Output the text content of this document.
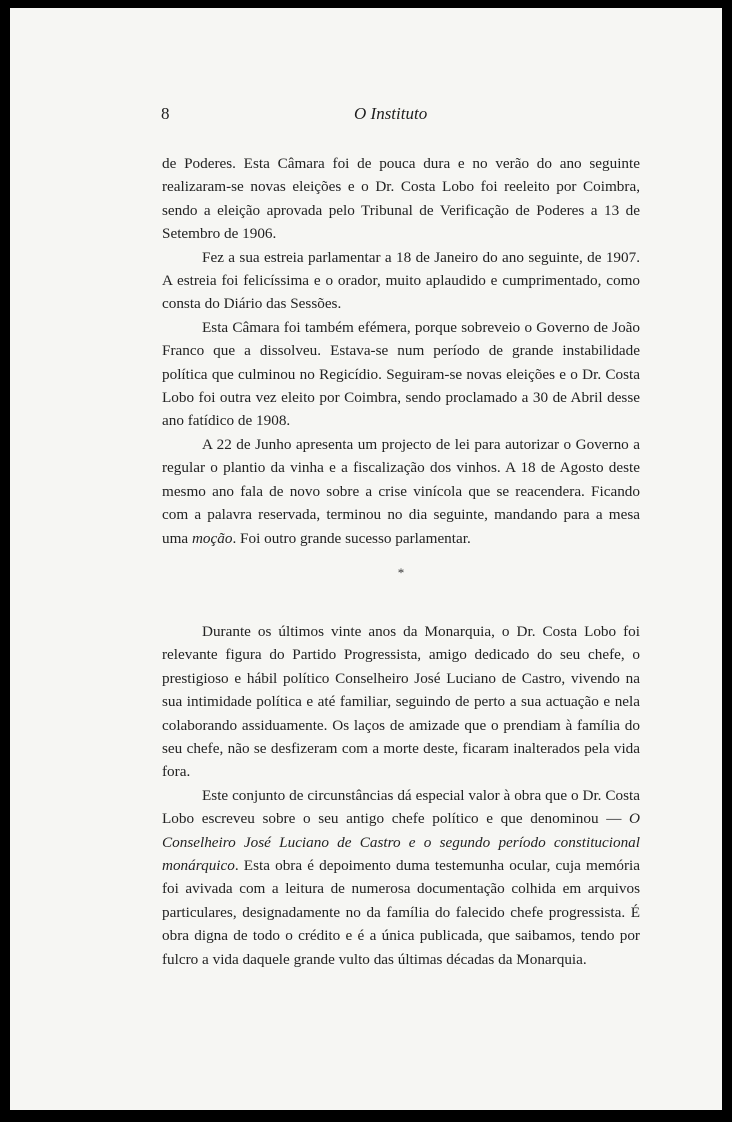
8	O Instituto

de Poderes. Esta Câmara foi de pouca dura e no verão do ano seguinte realizaram-se novas eleições e o Dr. Costa Lobo foi reeleito por Coimbra, sendo a eleição aprovada pelo Tribunal de Verificação de Poderes a 13 de Setembro de 1906.

Fez a sua estreia parlamentar a 18 de Janeiro do ano seguinte, de 1907. A estreia foi felicíssima e o orador, muito aplaudido e cumprimentado, como consta do Diário das Sessões.

Esta Câmara foi também efémera, porque sobreveio o Governo de João Franco que a dissolveu. Estava-se num período de grande instabilidade política que culminou no Regicídio. Seguiram-se novas eleições e o Dr. Costa Lobo foi outra vez eleito por Coimbra, sendo proclamado a 30 de Abril desse ano fatídico de 1908.

A 22 de Junho apresenta um projecto de lei para autorizar o Governo a regular o plantio da vinha e a fiscalização dos vinhos. A 18 de Agosto deste mesmo ano fala de novo sobre a crise vinícola que se reacendera. Ficando com a palavra reservada, terminou no dia seguinte, mandando para a mesa uma moção. Foi outro grande sucesso parlamentar.

*

Durante os últimos vinte anos da Monarquia, o Dr. Costa Lobo foi relevante figura do Partido Progressista, amigo dedicado do seu chefe, o prestigioso e hábil político Conselheiro José Luciano de Castro, vivendo na sua intimidade política e até familiar, seguindo de perto a sua actuação e nela colaborando assiduamente. Os laços de amizade que o prendiam à família do seu chefe, não se desfizeram com a morte deste, ficaram inalterados pela vida fora.

Este conjunto de circunstâncias dá especial valor à obra que o Dr. Costa Lobo escreveu sobre o seu antigo chefe político e que denominou — O Conselheiro José Luciano de Castro e o segundo período constitucional monárquico. Esta obra é depoimento duma testemunha ocular, cuja memória foi avivada com a leitura de numerosa documentação colhida em arquivos particulares, designadamente no da família do falecido chefe progressista. É obra digna de todo o crédito e é a única publicada, que saibamos, tendo por fulcro a vida daquele grande vulto das últimas décadas da Monarquia.
